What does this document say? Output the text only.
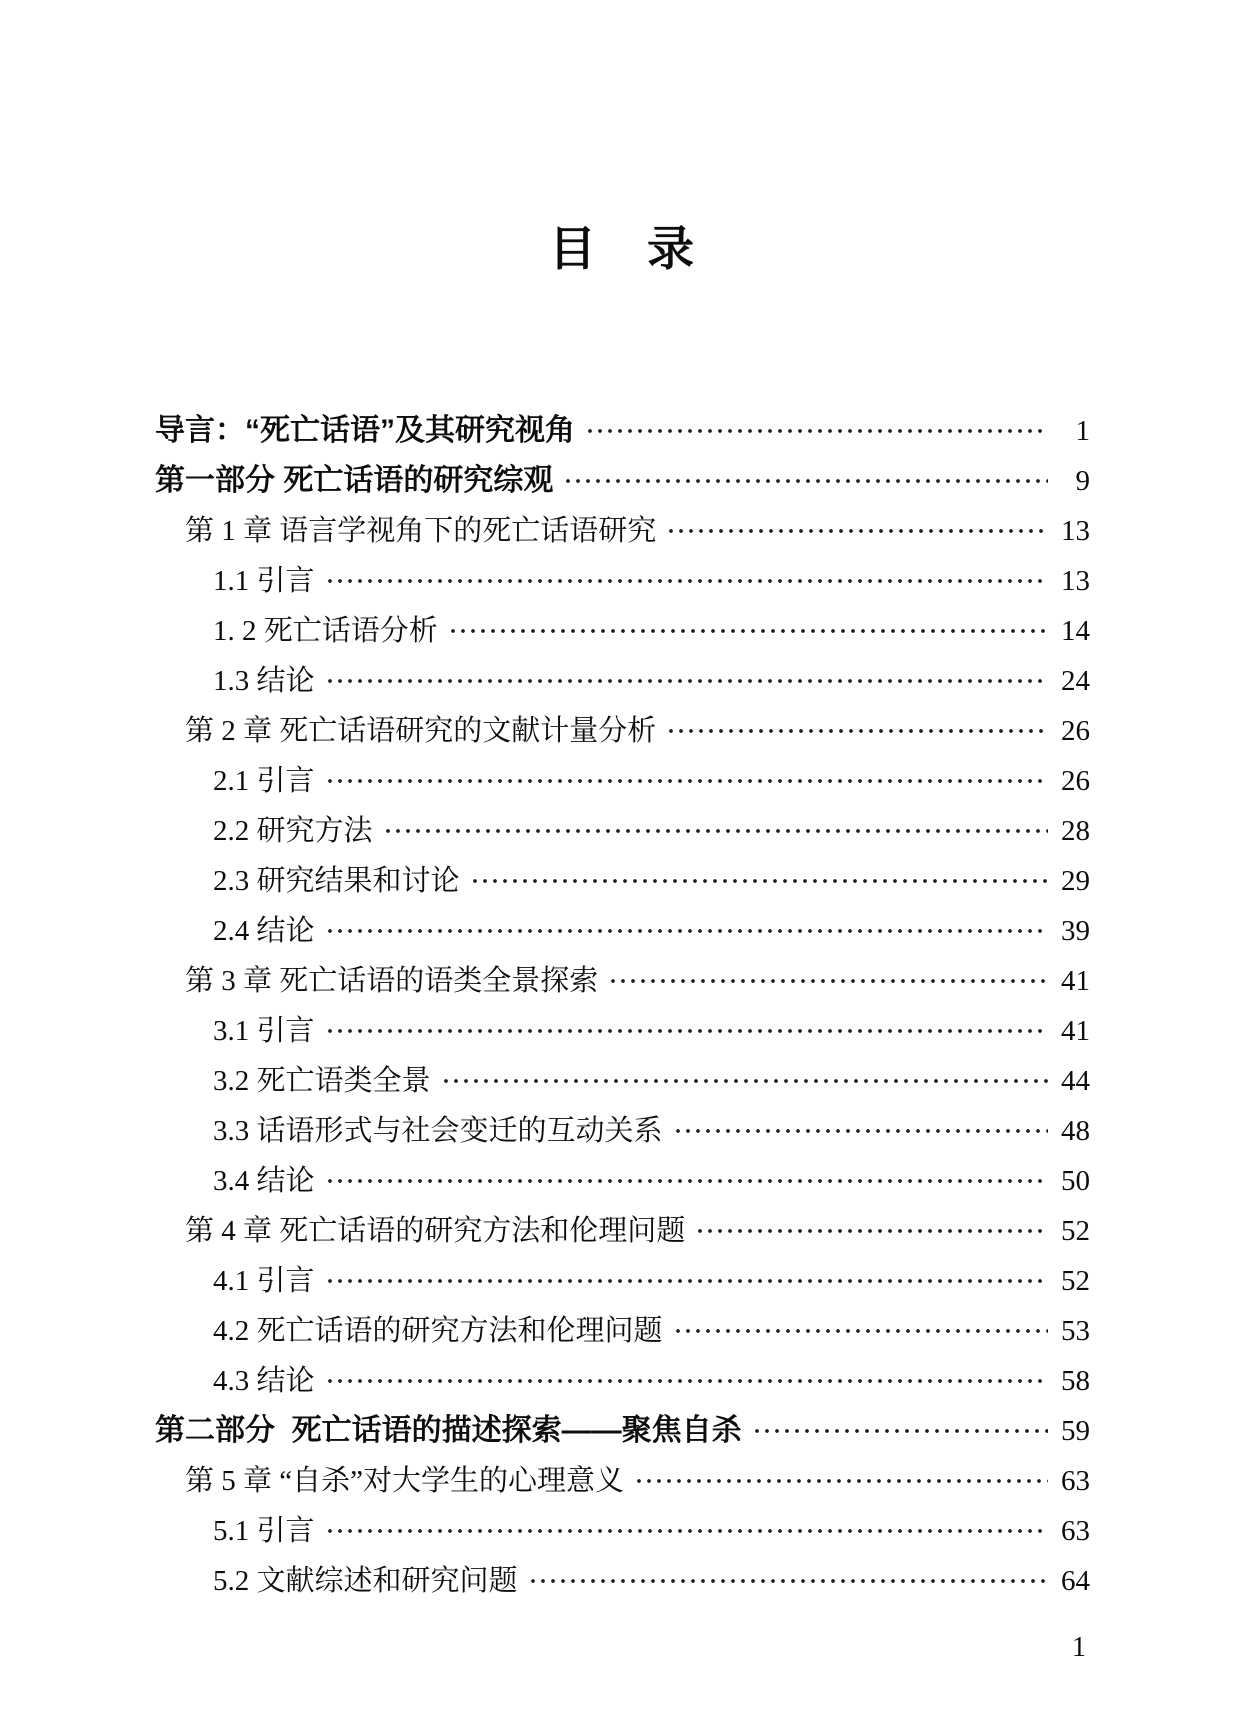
目　录
导言：“死亡话语”及其研究视角	1
第一部分 死亡话语的研究综观	9
第 1 章 语言学视角下的死亡话语研究	13
1.1 引言	13
1. 2 死亡话语分析	14
1.3 结论	24
第 2 章 死亡话语研究的文献计量分析	26
2.1 引言	26
2.2 研究方法	28
2.3 研究结果和讨论	29
2.4 结论	39
第 3 章 死亡话语的语类全景探索	41
3.1 引言	41
3.2 死亡语类全景	44
3.3 话语形式与社会变迁的互动关系	48
3.4 结论	50
第 4 章 死亡话语的研究方法和伦理问题	52
4.1 引言	52
4.2 死亡话语的研究方法和伦理问题	53
4.3 结论	58
第二部分  死亡话语的描述探索——聚焦自杀	59
第 5 章 “自杀”对大学生的心理意义	63
5.1 引言	63
5.2 文献综述和研究问题	64
1
